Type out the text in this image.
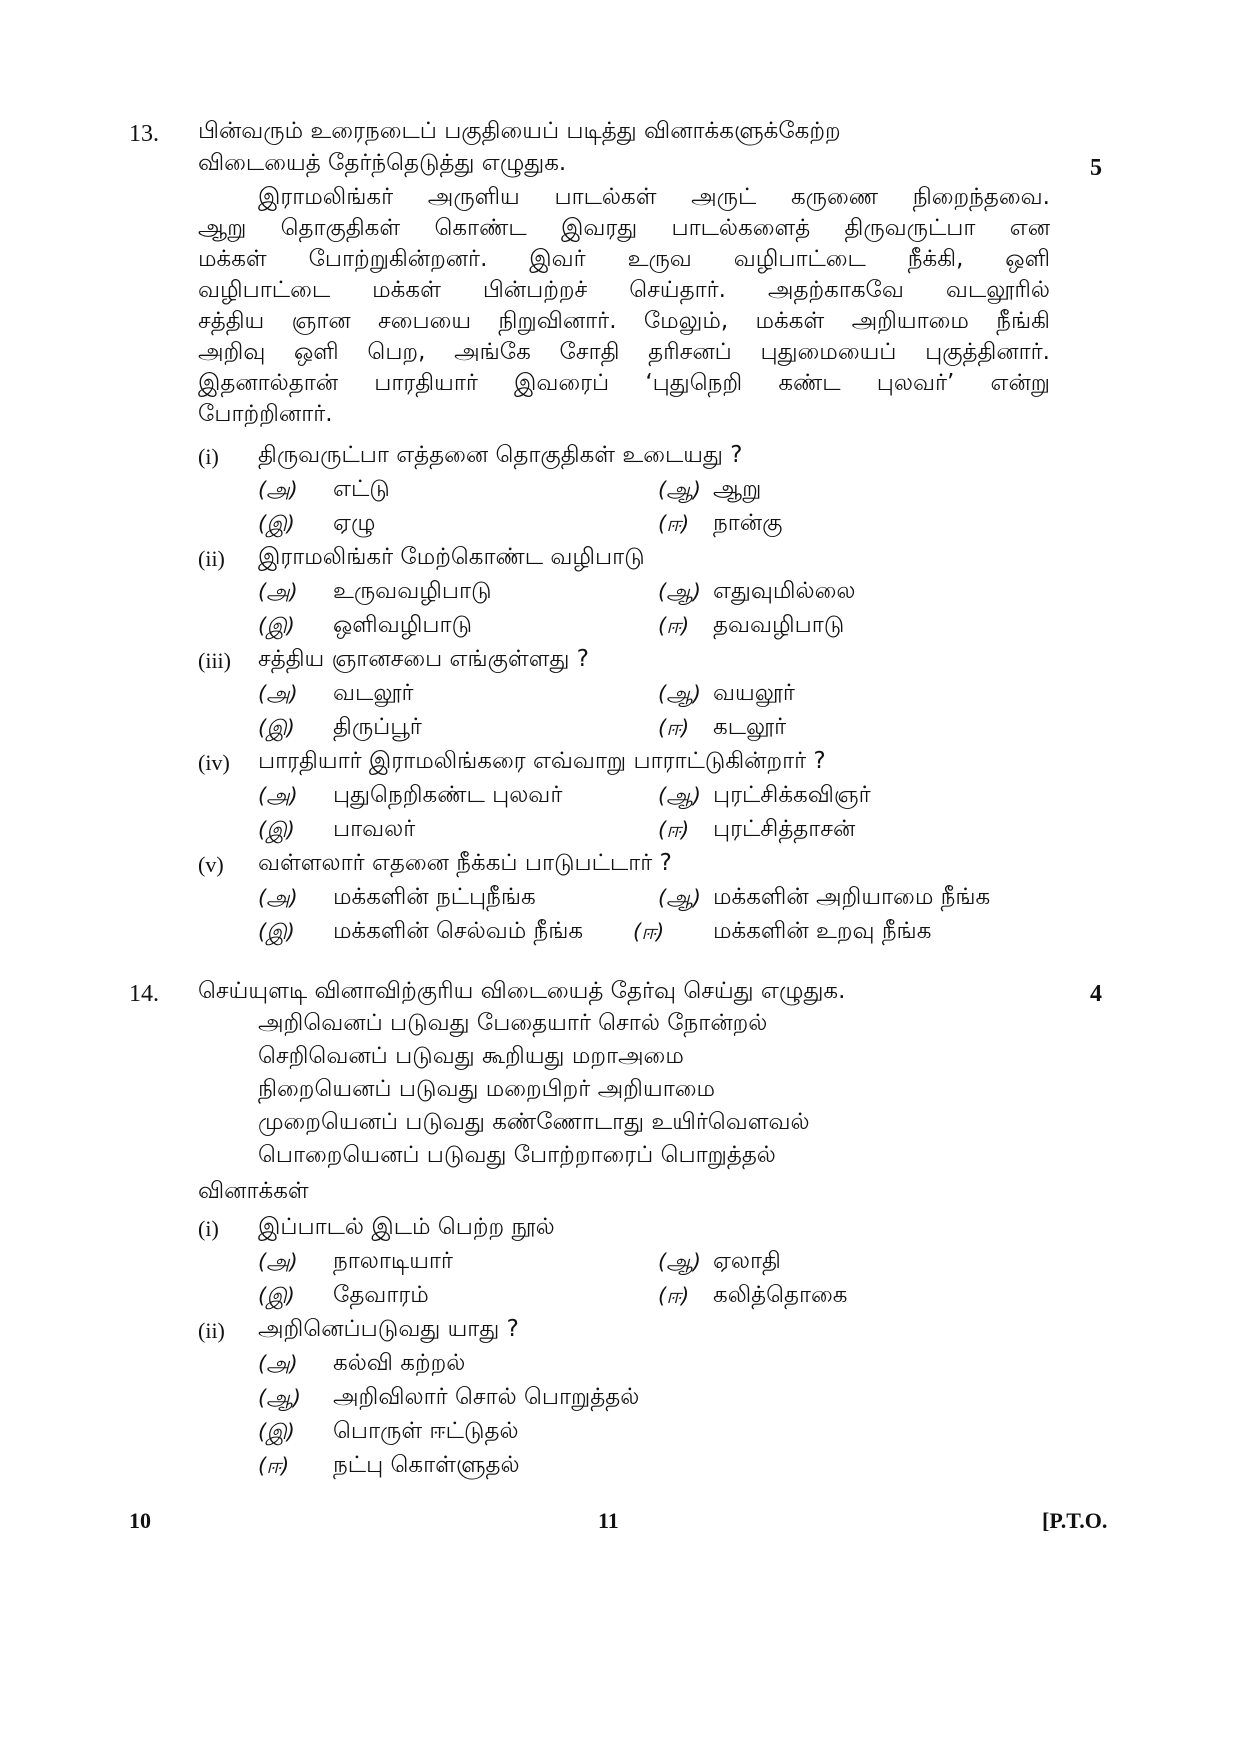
13. பின்வரும் உரைநடைப் பகுதியைப் படித்து வினாக்களுக்கேற்ற
விடையைத் தேர்ந்தெடுத்து எழுதுக.	5
இராமலிங்கர் அருளிய பாடல்கள் அருட் கருணை நிறைந்தவை.
ஆறு தொகுதிகள் கொண்ட இவரது பாடல்களைத் திருவருட்பா என
மக்கள் போற்றுகின்றனர். இவர் உருவ வழிபாட்டை நீக்கி, ஒளி
வழிபாட்டை மக்கள் பின்பற்றச் செய்தார். அதற்காகவே வடலூரில்
சத்திய ஞான சபையை நிறுவினார். மேலும், மக்கள் அறியாமை நீங்கி
அறிவு ஒளி பெற, அங்கே சோதி தரிசனப் புதுமையைப் புகுத்தினார்.
இதனால்தான் பாரதியார் இவரைப் ‘புதுநெறி கண்ட புலவர்’ என்று
போற்றினார்.
(i) திருவருட்பா எத்தனை தொகுதிகள் உடையது ?
(அ) எட்டு	(ஆ) ஆறு
(இ) ஏழு	(ஈ) நான்கு
(ii) இராமலிங்கர் மேற்கொண்ட வழிபாடு
(அ) உருவவழிபாடு	(ஆ) எதுவுமில்லை
(இ) ஒளிவழிபாடு	(ஈ) தவவழிபாடு
(iii) சத்திய ஞானசபை எங்குள்ளது ?
(அ) வடலூர்	(ஆ) வயலூர்
(இ) திருப்பூர்	(ஈ) கடலூர்
(iv) பாரதியார் இராமலிங்கரை எவ்வாறு பாராட்டுகின்றார் ?
(அ) புதுநெறிகண்ட புலவர்	(ஆ) புரட்சிக்கவிஞர்
(இ) பாவலர்	(ஈ) புரட்சித்தாசன்
(v) வள்ளலார் எதனை நீக்கப் பாடுபட்டார் ?
(அ) மக்களின் நட்புநீங்க	(ஆ) மக்களின் அறியாமை நீங்க
(இ) மக்களின் செல்வம் நீங்க (ஈ) மக்களின் உறவு நீங்க
14. செய்யுளடி வினாவிற்குரிய விடையைத் தேர்வு செய்து எழுதுக.	4
அறிவெனப் படுவது பேதையார் சொல் நோன்றல்
செறிவெனப் படுவது கூறியது மறாஅமை
நிறையெனப் படுவது மறைபிறர் அறியாமை
முறையெனப் படுவது கண்ணோடாது உயிர்வௌவல்
பொறையெனப் படுவது போற்றாரைப் பொறுத்தல்
வினாக்கள்
(i) இப்பாடல் இடம் பெற்ற நூல்
(அ) நாலாடியார்	(ஆ) ஏலாதி
(இ) தேவாரம்	(ஈ) கலித்தொகை
(ii) அறினெப்படுவது யாது ?
(அ) கல்வி கற்றல்
(ஆ) அறிவிலார் சொல் பொறுத்தல்
(இ) பொருள் ஈட்டுதல்
(ஈ) நட்பு கொள்ளுதல்
10	11	[P.T.O.
